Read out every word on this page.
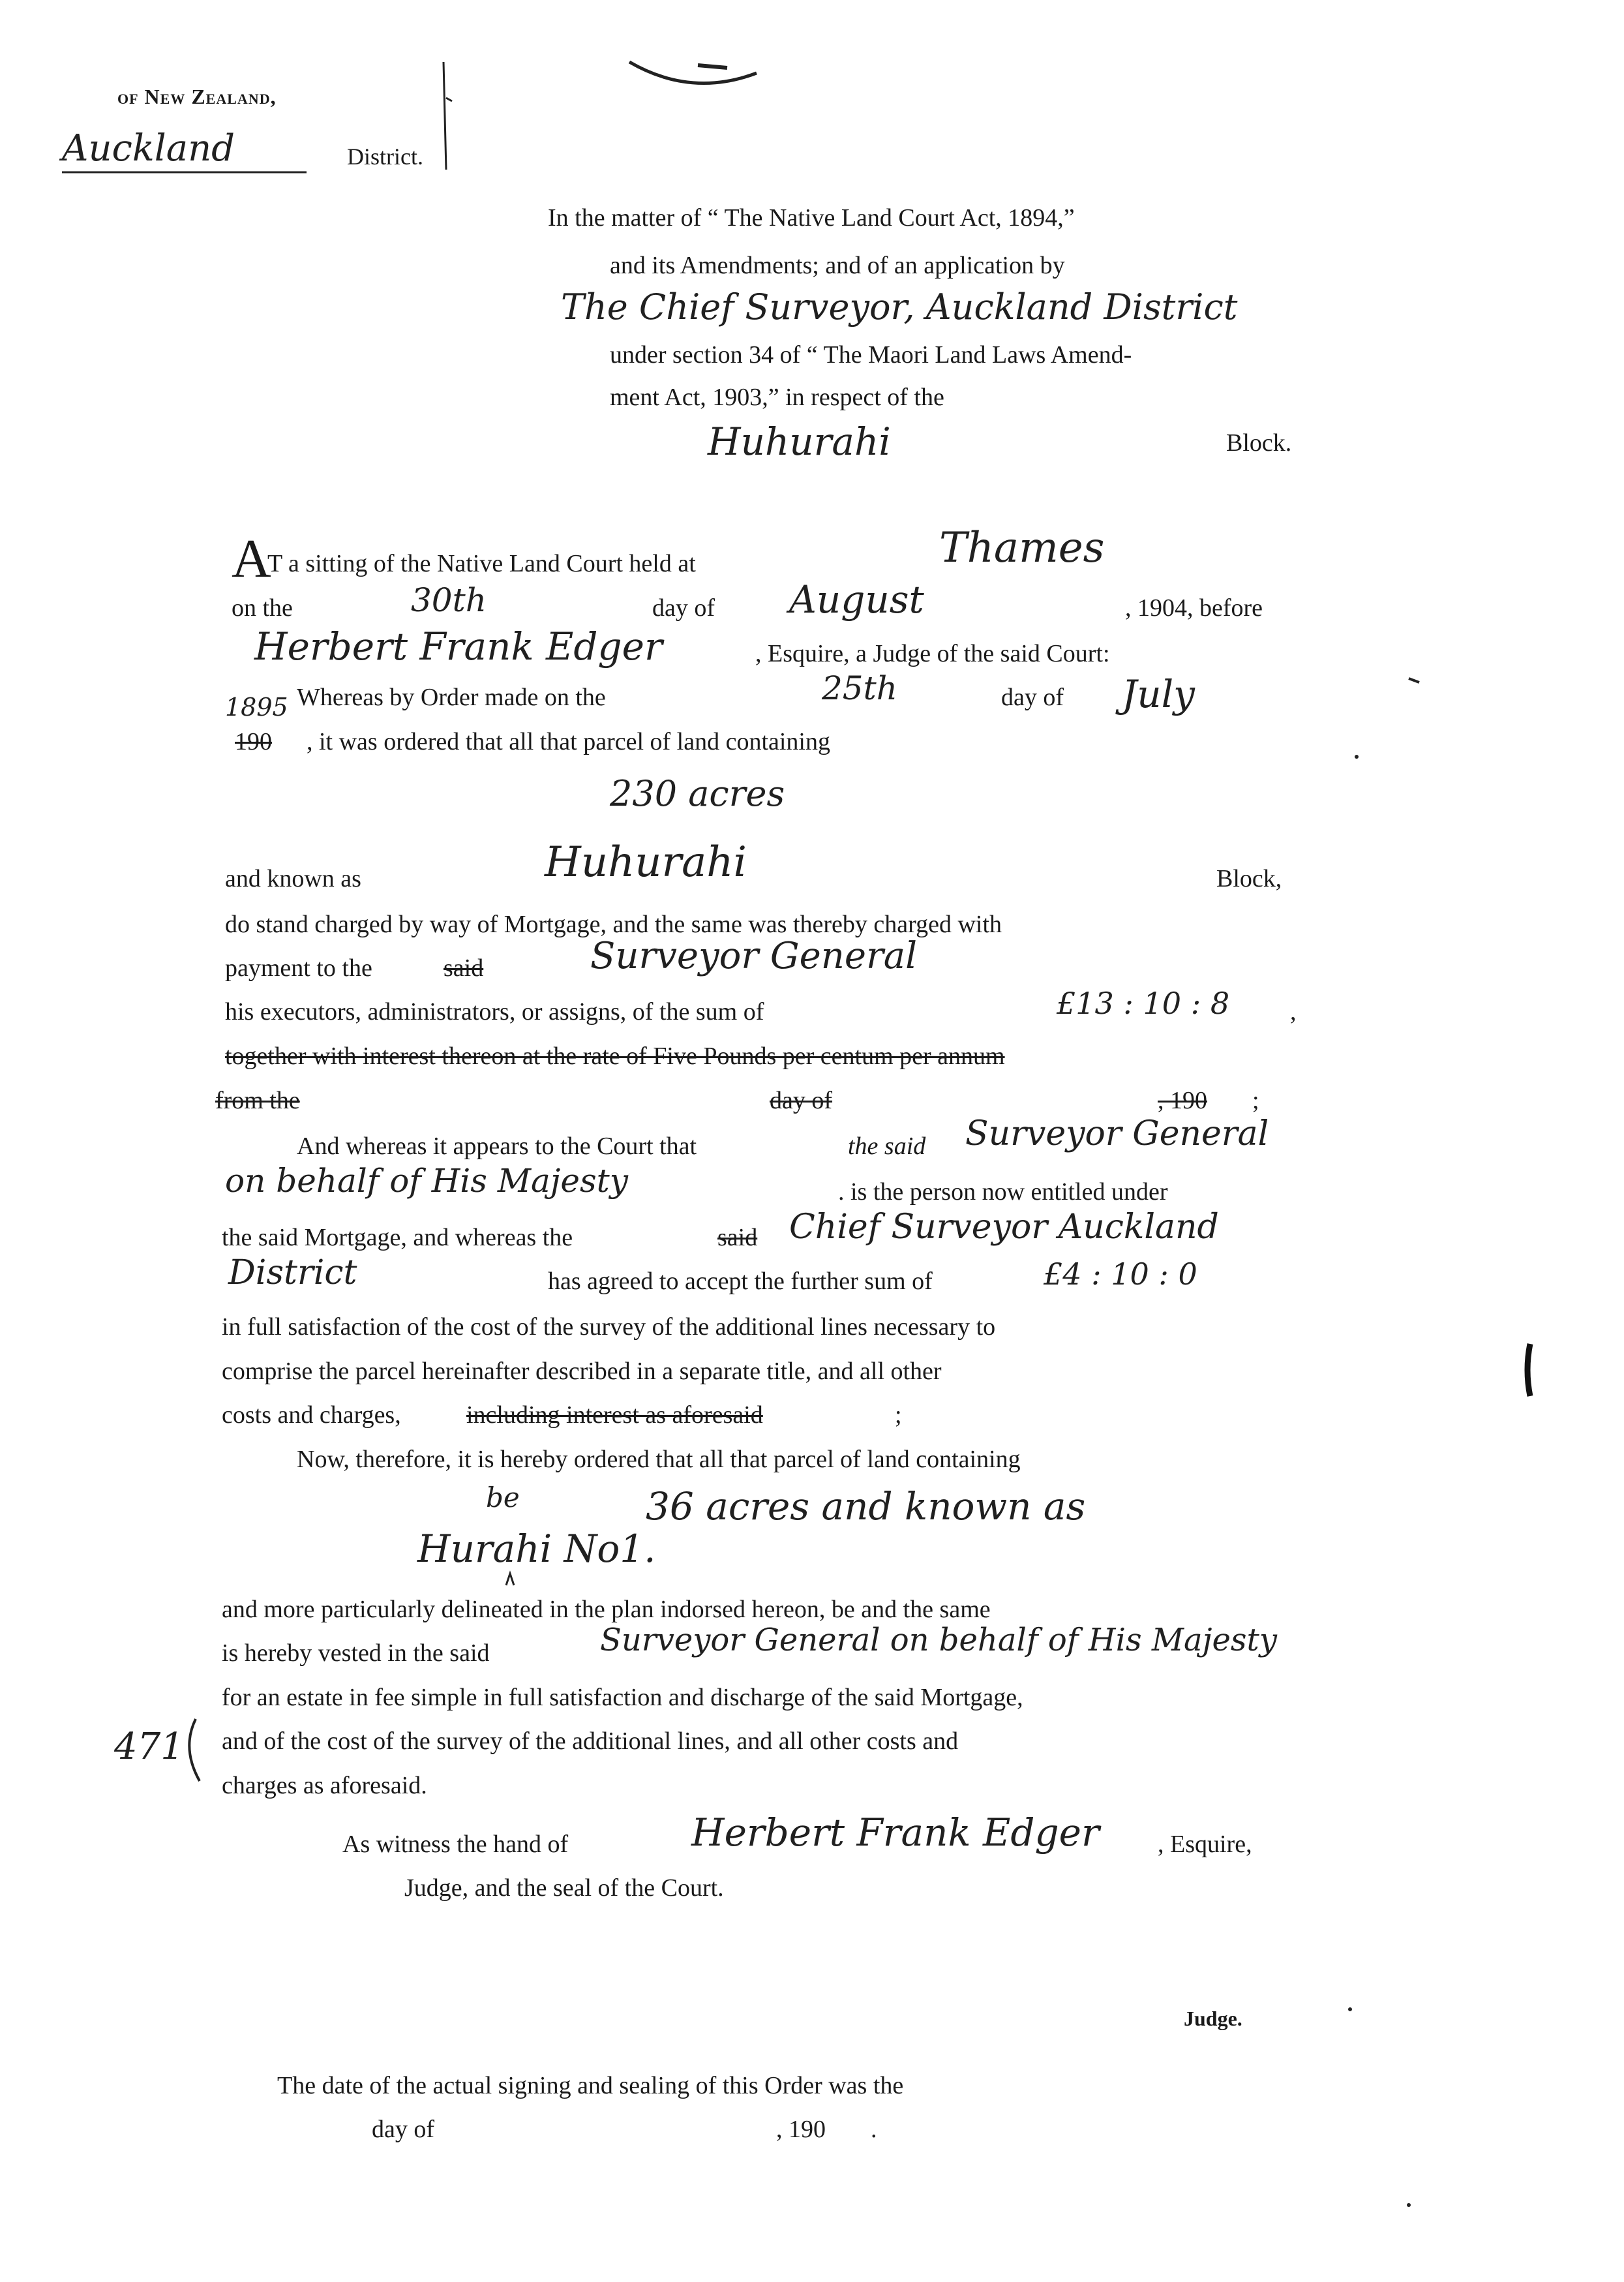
of New Zealand,
Auckland	District.
In the matter of “ The Native Land Court Act, 1894,”
and its Amendments; and of an application by
The Chief Surveyor, Auckland District
under section 34 of “ The Maori Land Laws Amend-
ment Act, 1903,” in respect of the
Huhurahi	Block.
A
T a sitting of the Native Land Court held at	Thames
on the	30th	day of August	, 1904, before
Herbert Frank Edger	, Esquire, a Judge of the said Court:
1895 Whereas by Order made on the	25th	day of July
190 , it was ordered that all that parcel of land containing
230 acres
and known as	Huhurahi	Block,
do stand charged by way of Mortgage, and the same was thereby charged with
payment to the	said	Surveyor General
his executors, administrators, or assigns, of the sum of	£13 : 10 : 8 ,
together with interest thereon at the rate of Five Pounds per centum per annum
from the	day of	, 190 ;
And whereas it appears to the Court that	the said Surveyor General
on behalf of His Majesty	. is the person now entitled under
the said Mortgage, and whereas the	said Chief Surveyor Auckland
District	has agreed to accept the further sum of	£4 : 10 : 0
in full satisfaction of the cost of the survey of the additional lines necessary to
comprise the parcel hereinafter described in a separate title, and all other
costs and charges,	including interest as aforesaid	;
Now, therefore, it is hereby ordered that all that parcel of land containing
be	36 acres and known as
Hurahi No1.
and more particularly delineated in the plan indorsed hereon, be and the same
is hereby vested in the said	Surveyor General on behalf of His Majesty
for an estate in fee simple in full satisfaction and discharge of the said Mortgage,
and of the cost of the survey of the additional lines, and all other costs and
charges as aforesaid.
471
As witness the hand of	Herbert Frank Edger , Esquire,
Judge, and the seal of the Court.
Judge.
The date of the actual signing and sealing of this Order was the
day of	, 190 .
